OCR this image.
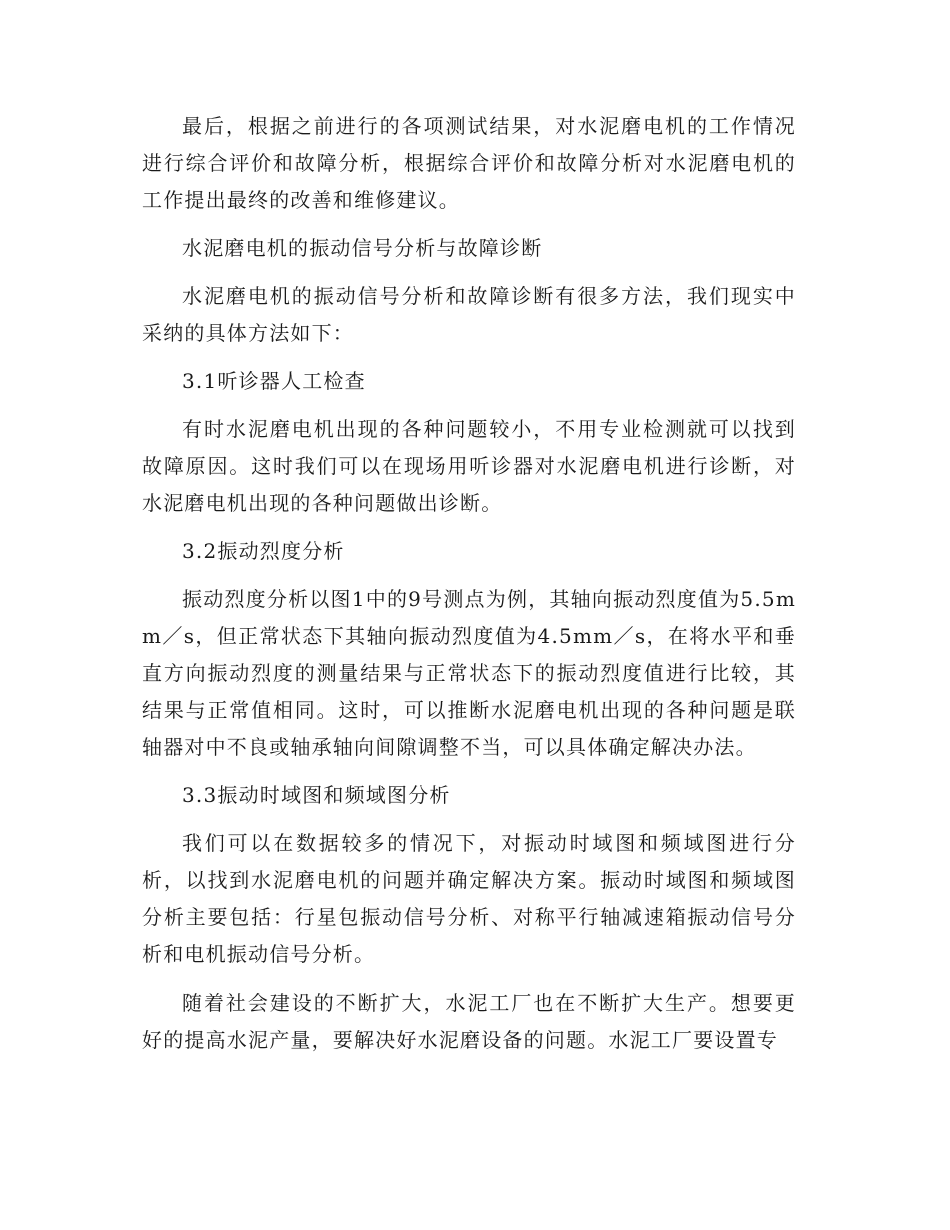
最后，根据之前进行的各项测试结果，对水泥磨电机的工作情况进行综合评价和故障分析，根据综合评价和故障分析对水泥磨电机的工作提出最终的改善和维修建议。

水泥磨电机的振动信号分析与故障诊断

水泥磨电机的振动信号分析和故障诊断有很多方法，我们现实中采纳的具体方法如下：

3.1听诊器人工检查

有时水泥磨电机出现的各种问题较小，不用专业检测就可以找到故障原因。这时我们可以在现场用听诊器对水泥磨电机进行诊断，对水泥磨电机出现的各种问题做出诊断。

3.2振动烈度分析

振动烈度分析以图1中的9号测点为例，其轴向振动烈度值为5.5mm／s，但正常状态下其轴向振动烈度值为4.5mm／s，在将水平和垂直方向振动烈度的测量结果与正常状态下的振动烈度值进行比较，其结果与正常值相同。这时，可以推断水泥磨电机出现的各种问题是联轴器对中不良或轴承轴向间隙调整不当，可以具体确定解决办法。

3.3振动时域图和频域图分析

我们可以在数据较多的情况下，对振动时域图和频域图进行分析，以找到水泥磨电机的问题并确定解决方案。振动时域图和频域图分析主要包括：行星包振动信号分析、对称平行轴减速箱振动信号分析和电机振动信号分析。

随着社会建设的不断扩大，水泥工厂也在不断扩大生产。想要更好的提高水泥产量，要解决好水泥磨设备的问题。水泥工厂要设置专
